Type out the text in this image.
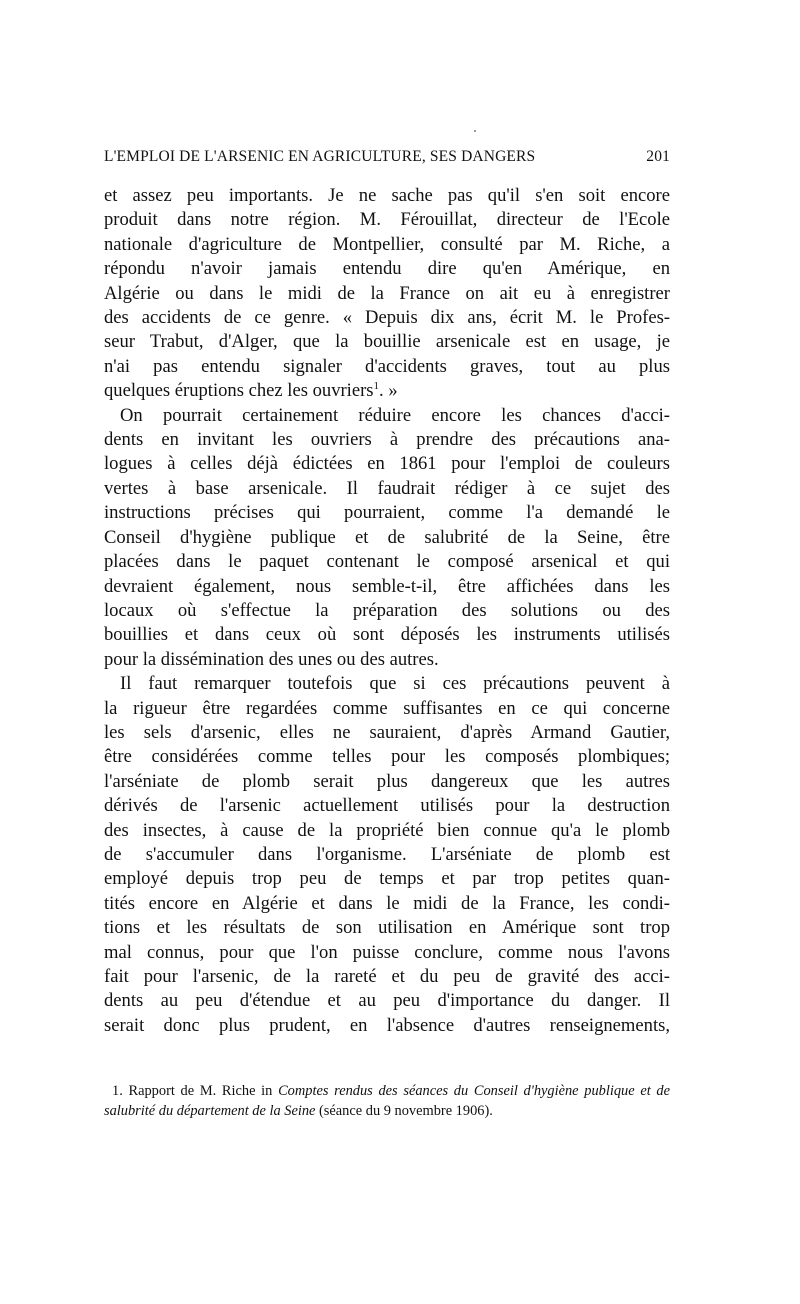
L'EMPLOI DE L'ARSENIC EN AGRICULTURE, SES DANGERS	201

et assez peu importants. Je ne sache pas qu'il s'en soit encore
produit dans notre région. M. Férouillat, directeur de l'Ecole
nationale d'agriculture de Montpellier, consulté par M. Riche, a
répondu n'avoir jamais entendu dire qu'en Amérique, en
Algérie ou dans le midi de la France on ait eu à enregistrer
des accidents de ce genre. « Depuis dix ans, écrit M. le Profes-
seur Trabut, d'Alger, que la bouillie arsenicale est en usage, je
n'ai pas entendu signaler d'accidents graves, tout au plus
quelques éruptions chez les ouvriers$^1$. »

On pourrait certainement réduire encore les chances d'acci-
dents en invitant les ouvriers à prendre des précautions ana-
logues à celles déjà édictées en 1861 pour l'emploi de couleurs
vertes à base arsenicale. Il faudrait rédiger à ce sujet des
instructions précises qui pourraient, comme l'a demandé le
Conseil d'hygiène publique et de salubrité de la Seine, être
placées dans le paquet contenant le composé arsenical et qui
devraient également, nous semble-t-il, être affichées dans les
locaux où s'effectue la préparation des solutions ou des
bouillies et dans ceux où sont déposés les instruments utilisés
pour la dissémination des unes ou des autres.

Il faut remarquer toutefois que si ces précautions peuvent à
la rigueur être regardées comme suffisantes en ce qui concerne
les sels d'arsenic, elles ne sauraient, d'après Armand Gautier,
être considérées comme telles pour les composés plombiques;
l'arséniate de plomb serait plus dangereux que les autres
dérivés de l'arsenic actuellement utilisés pour la destruction
des insectes, à cause de la propriété bien connue qu'a le plomb
de s'accumuler dans l'organisme. L'arséniate de plomb est
employé depuis trop peu de temps et par trop petites quan-
tités encore en Algérie et dans le midi de la France, les condi-
tions et les résultats de son utilisation en Amérique sont trop
mal connus, pour que l'on puisse conclure, comme nous l'avons
fait pour l'arsenic, de la rareté et du peu de gravité des acci-
dents au peu d'étendue et au peu d'importance du danger. Il
serait donc plus prudent, en l'absence d'autres renseignements,

1. Rapport de M. Riche in Comptes rendus des séances du Conseil d'hygiène publique et de salubrité du département de la Seine (séance du 9 novembre 1906).
